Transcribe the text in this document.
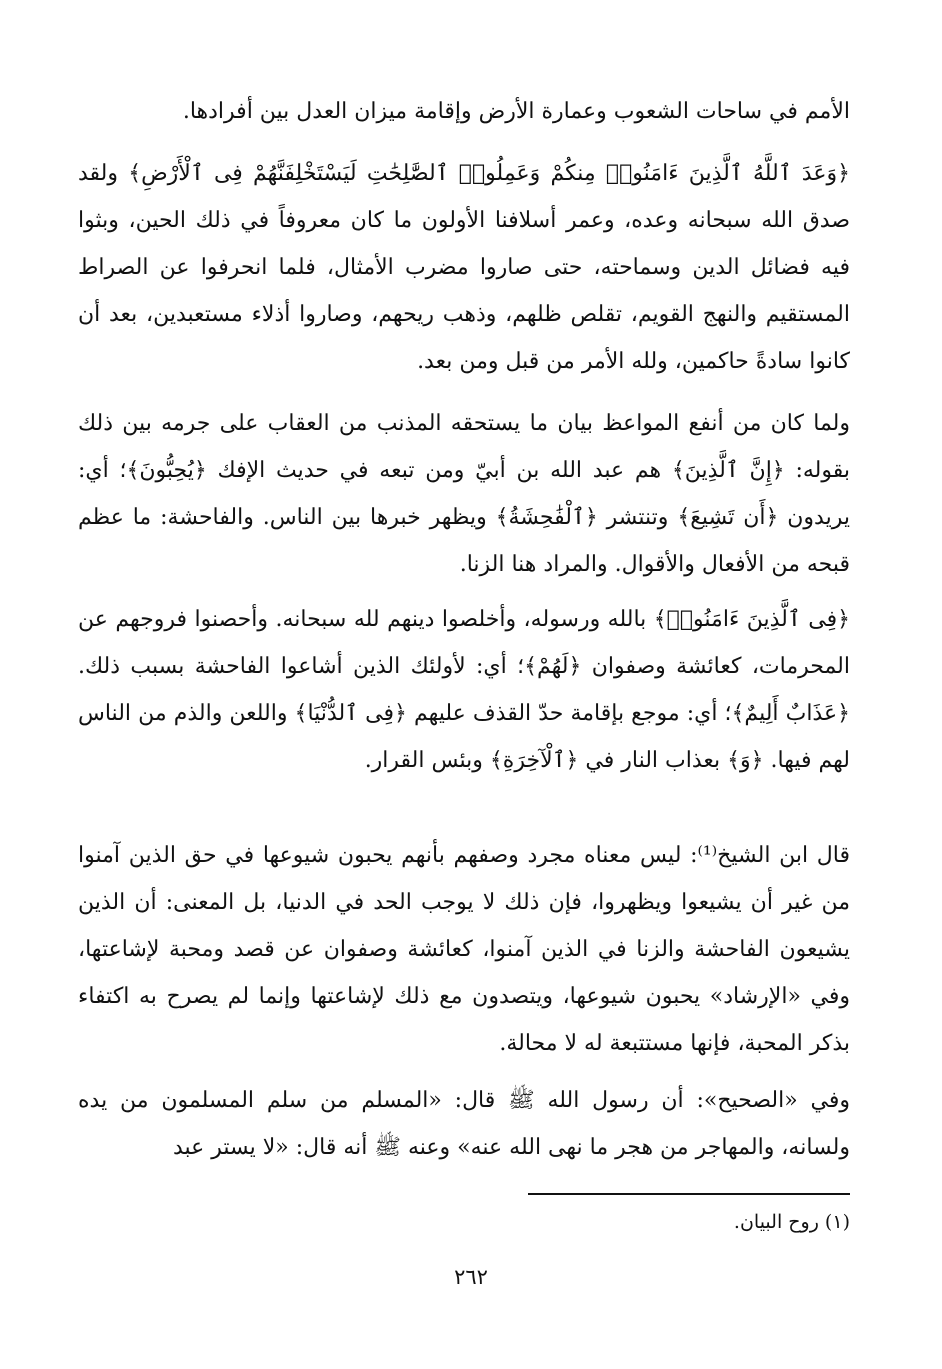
الأمم في ساحات الشعوب وعمارة الأرض وإقامة ميزان العدل بين أفرادها.

﴿وَعَدَ ٱللَّهُ ٱلَّذِينَ ءَامَنُوا۟ مِنكُمْ وَعَمِلُوا۟ ٱلصَّٰلِحَٰتِ لَيَسْتَخْلِفَنَّهُمْ فِى ٱلْأَرْضِ﴾ ولقد صدق الله سبحانه وعده، وعمر أسلافنا الأولون ما كان معروفاً في ذلك الحين، وبثوا فيه فضائل الدين وسماحته، حتى صاروا مضرب الأمثال، فلما انحرفوا عن الصراط المستقيم والنهج القويم، تقلص ظلهم، وذهب ريحهم، وصاروا أذلاء مستعبدين، بعد أن كانوا سادةً حاكمين، ولله الأمر من قبل ومن بعد.

ولما كان من أنفع المواعظ بيان ما يستحقه المذنب من العقاب على جرمه بين ذلك بقوله: ﴿إِنَّ ٱلَّذِينَ﴾ هم عبد الله بن أبيّ ومن تبعه في حديث الإفك ﴿يُحِبُّونَ﴾؛ أي: يريدون ﴿أَن تَشِيعَ﴾ وتنتشر ﴿ٱلْفَٰحِشَةُ﴾ ويظهر خبرها بين الناس. والفاحشة: ما عظم قبحه من الأفعال والأقوال. والمراد هنا الزنا.

﴿فِى ٱلَّذِينَ ءَامَنُوا۟﴾ بالله ورسوله، وأخلصوا دينهم لله سبحانه. وأحصنوا فروجهم عن المحرمات، كعائشة وصفوان ﴿لَهُمْ﴾؛ أي: لأولئك الذين أشاعوا الفاحشة بسبب ذلك. ﴿عَذَابٌ أَلِيمٌ﴾؛ أي: موجع بإقامة حدّ القذف عليهم ﴿فِى ٱلدُّنْيَا﴾ واللعن والذم من الناس لهم فيها. ﴿وَ﴾ بعذاب النار في ﴿ٱلْآخِرَةِ﴾ وبئس القرار.

قال ابن الشيخ⁽¹⁾: ليس معناه مجرد وصفهم بأنهم يحبون شيوعها في حق الذين آمنوا من غير أن يشيعوا ويظهروا، فإن ذلك لا يوجب الحد في الدنيا، بل المعنى: أن الذين يشيعون الفاحشة والزنا في الذين آمنوا، كعائشة وصفوان عن قصد ومحبة لإشاعتها، وفي «الإرشاد» يحبون شيوعها، ويتصدون مع ذلك لإشاعتها وإنما لم يصرح به اكتفاء بذكر المحبة، فإنها مستتبعة له لا محالة.

وفي «الصحيح»: أن رسول الله ﷺ قال: «المسلم من سلم المسلمون من يده ولسانه، والمهاجر من هجر ما نهى الله عنه» وعنه ﷺ أنه قال: «لا يستر عبد

(١) روح البيان.

٢٦٢
